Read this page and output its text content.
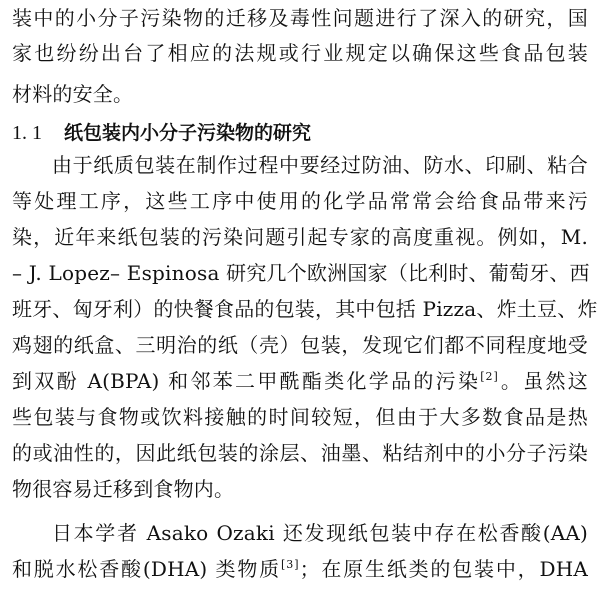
装中的小分子污染物的迁移及毒性问题进行了深入的研究，国
家也纷纷出台了相应的法规或行业规定以确保这些食品包装
材料的安全。
1. 1 纸包装内小分子污染物的研究
由于纸质包装在制作过程中要经过防油、防水、印刷、粘合
等处理工序，这些工序中使用的化学品常常会给食品带来污
染，近年来纸包装的污染问题引起专家的高度重视。例如，M.
– J. Lopez– Espinosa 研究几个欧洲国家（比利时、葡萄牙、西
班牙、匈牙利）的快餐食品的包装，其中包括 Pizza、炸土豆、炸
鸡翅的纸盒、三明治的纸（壳）包装，发现它们都不同程度地受
到双酚 A(BPA) 和邻苯二甲酰酯类化学品的污染[2]。虽然这
些包装与食物或饮料接触的时间较短，但由于大多数食品是热
的或油性的，因此纸包装的涂层、油墨、粘结剂中的小分子污染
物很容易迁移到食物内。
日本学者 Asako Ozaki 还发现纸包装中存在松香酸(AA)
和脱水松香酸(DHA) 类物质[3]；在原生纸类的包装中，DHA
